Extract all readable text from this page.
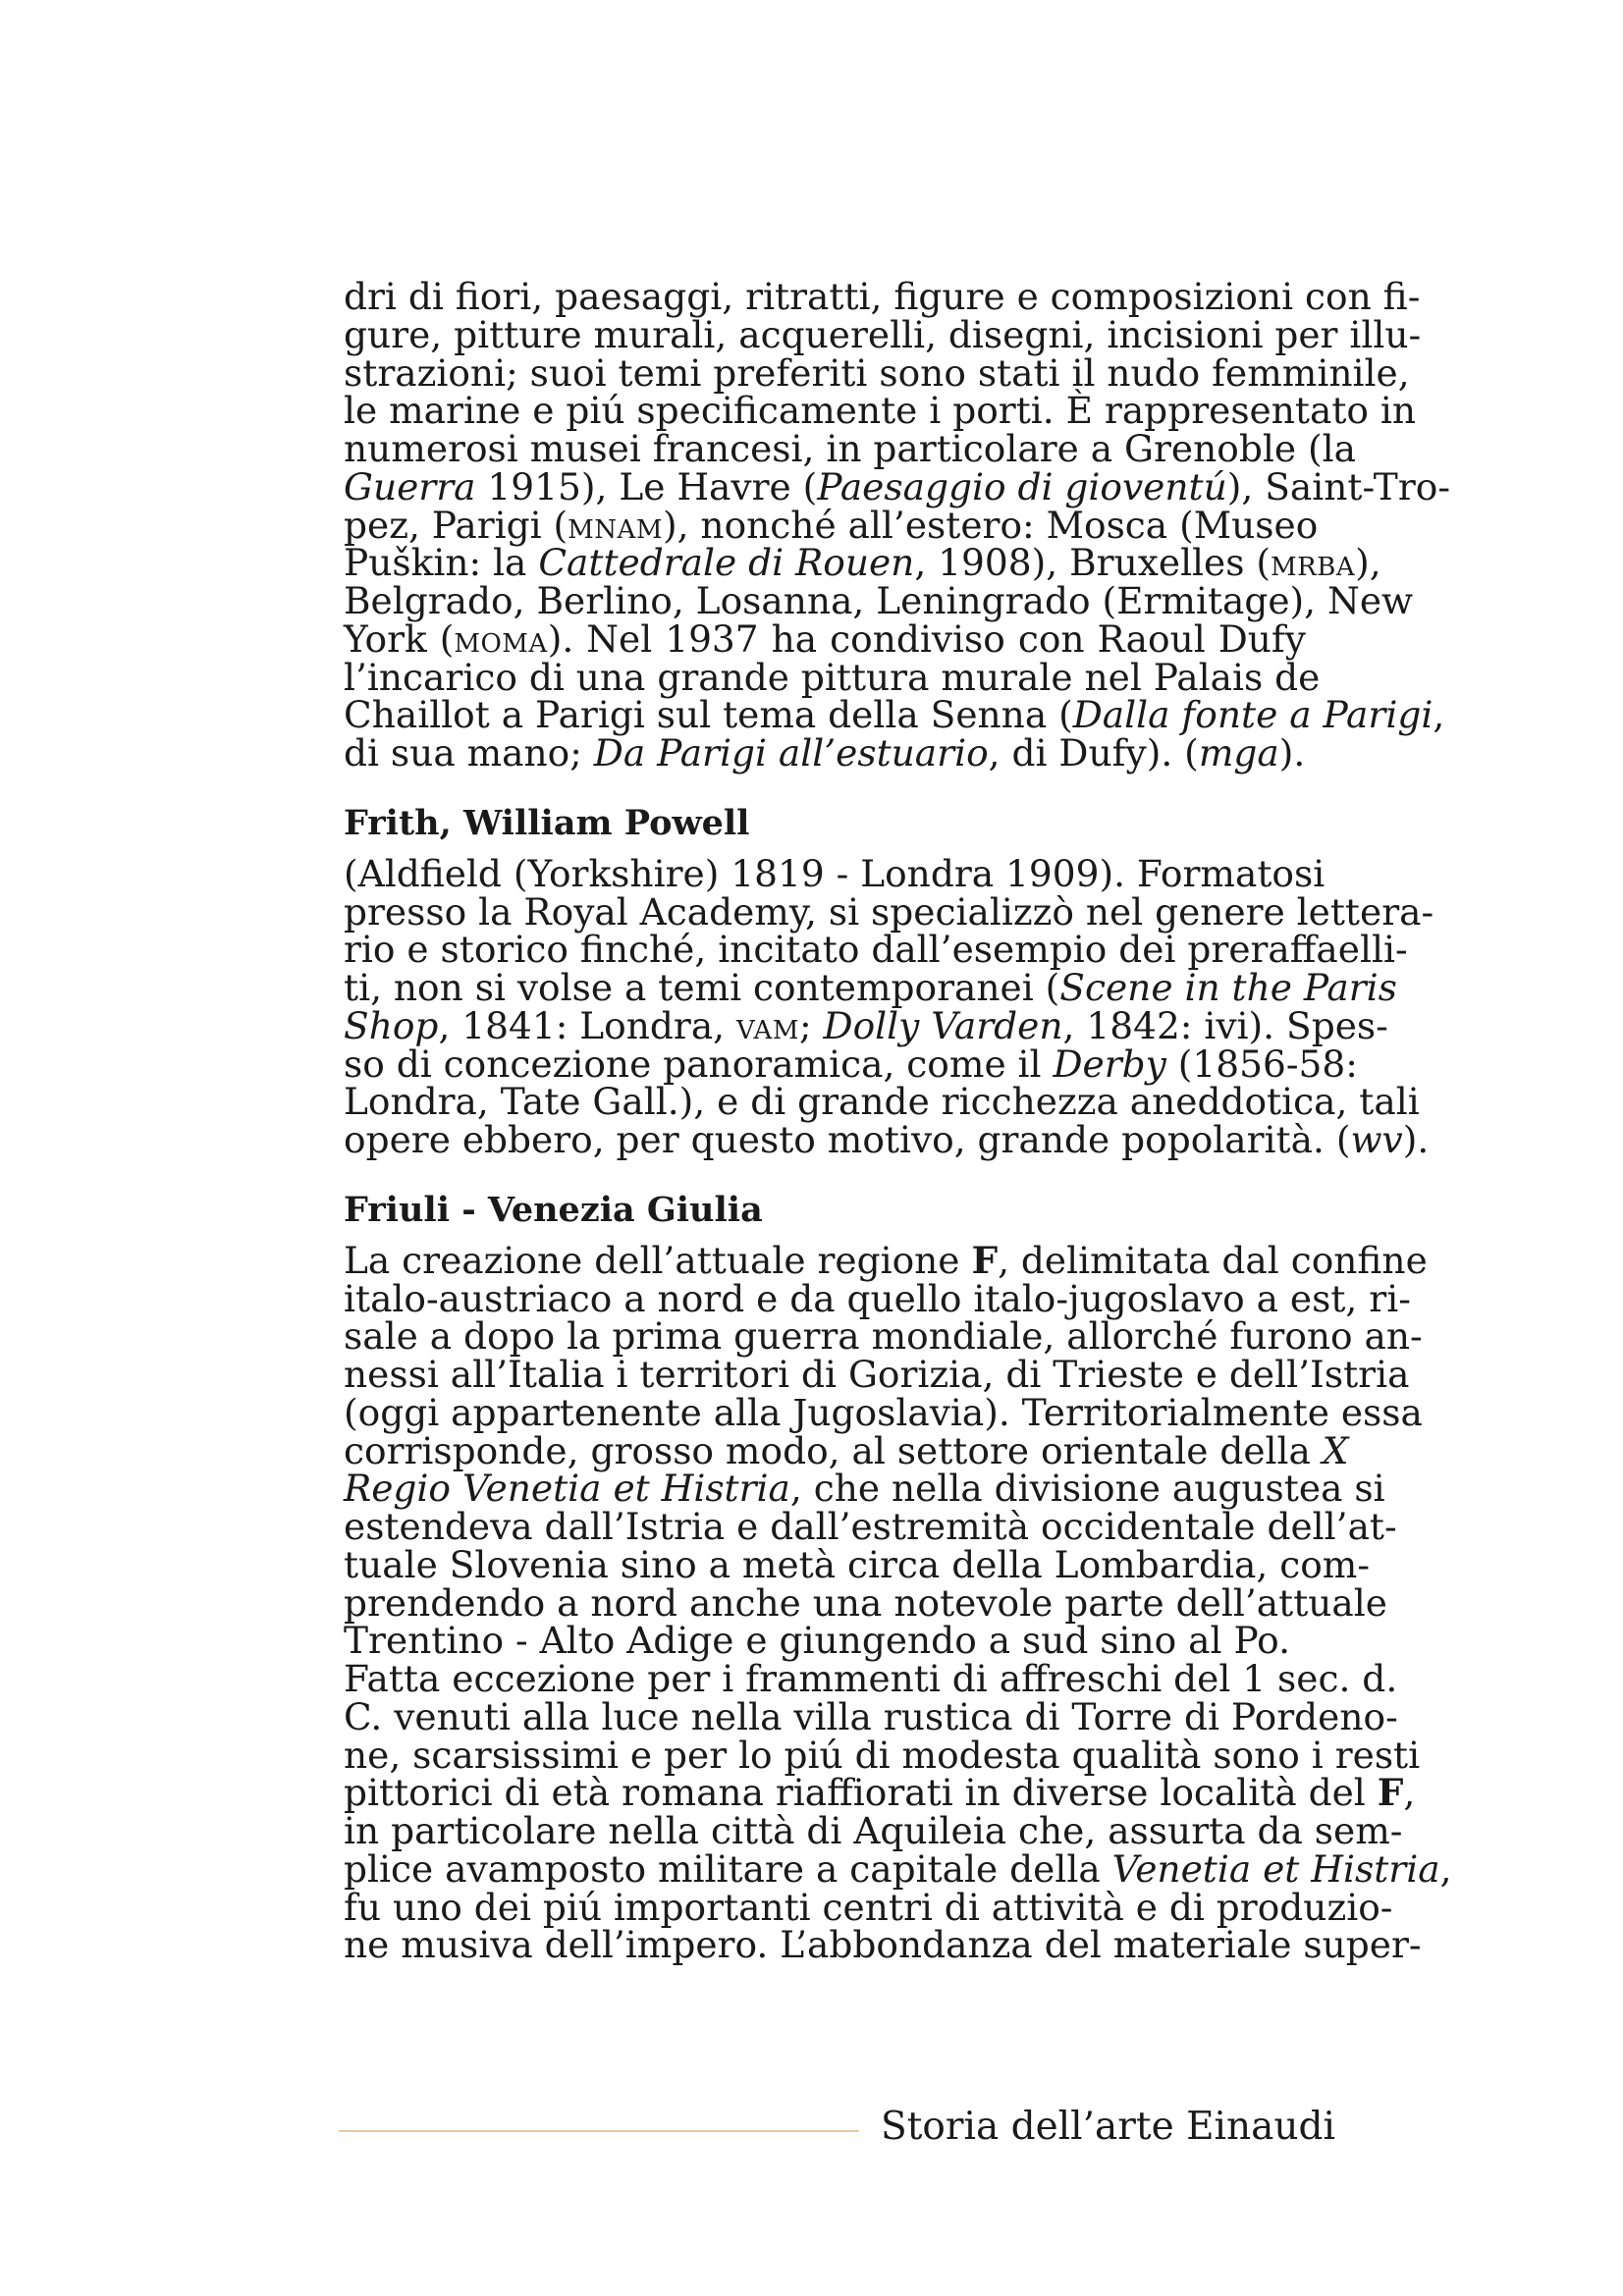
dri di fiori, paesaggi, ritratti, figure e composizioni con fi-
gure, pitture murali, acquerelli, disegni, incisioni per illu-
strazioni; suoi temi preferiti sono stati il nudo femminile,
le marine e piú specificamente i porti. È rappresentato in
numerosi musei francesi, in particolare a Grenoble (la
Guerra 1915), Le Havre (Paesaggio di gioventú), Saint-Tro-
pez, Parigi (mnam), nonché all’estero: Mosca (Museo
Puškin: la Cattedrale di Rouen, 1908), Bruxelles (mrba),
Belgrado, Berlino, Losanna, Leningrado (Ermitage), New
York (moma). Nel 1937 ha condiviso con Raoul Dufy
l’incarico di una grande pittura murale nel Palais de
Chaillot a Parigi sul tema della Senna (Dalla fonte a Parigi,
di sua mano; Da Parigi all’estuario, di Dufy). (mga).
Frith, William Powell
(Aldfield (Yorkshire) 1819 - Londra 1909). Formatosi
presso la Royal Academy, si specializzò nel genere lettera-
rio e storico finché, incitato dall’esempio dei preraffaelli-
ti, non si volse a temi contemporanei (Scene in the Paris
Shop, 1841: Londra, vam; Dolly Varden, 1842: ivi). Spes-
so di concezione panoramica, come il Derby (1856-58:
Londra, Tate Gall.), e di grande ricchezza aneddotica, tali
opere ebbero, per questo motivo, grande popolarità. (wv).
Friuli - Venezia Giulia
La creazione dell’attuale regione F, delimitata dal confine
italo-austriaco a nord e da quello italo-jugoslavo a est, ri-
sale a dopo la prima guerra mondiale, allorché furono an-
nessi all’Italia i territori di Gorizia, di Trieste e dell’Istria
(oggi appartenente alla Jugoslavia). Territorialmente essa
corrisponde, grosso modo, al settore orientale della X
Regio Venetia et Histria, che nella divisione augustea si
estendeva dall’Istria e dall’estremità occidentale dell’at-
tuale Slovenia sino a metà circa della Lombardia, com-
prendendo a nord anche una notevole parte dell’attuale
Trentino - Alto Adige e giungendo a sud sino al Po.
Fatta eccezione per i frammenti di affreschi del 1 sec. d.
C. venuti alla luce nella villa rustica di Torre di Pordeno-
ne, scarsissimi e per lo piú di modesta qualità sono i resti
pittorici di età romana riaffiorati in diverse località del F,
in particolare nella città di Aquileia che, assurta da sem-
plice avamposto militare a capitale della Venetia et Histria,
fu uno dei piú importanti centri di attività e di produzio-
ne musiva dell’impero. L’abbondanza del materiale super-
Storia dell’arte Einaudi
